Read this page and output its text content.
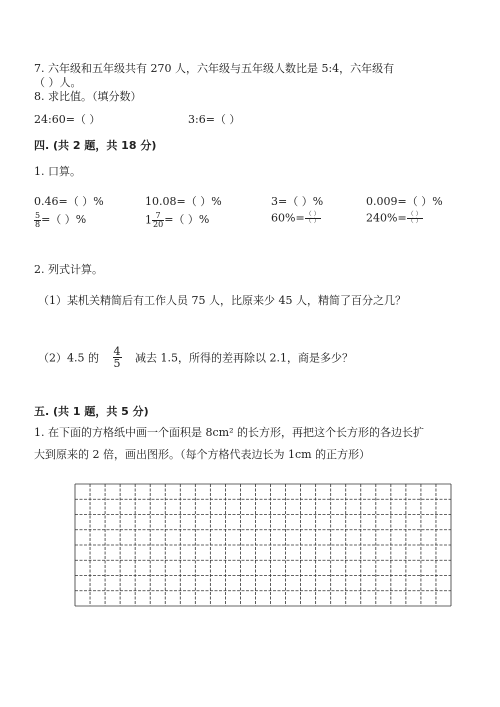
7. 六年级和五年级共有 270 人，六年级与五年级人数比是 5:4，六年级有
（ ）人。
8. 求比值。（填分数）
24:60=（ ）	3:6=（ ）
四. (共 2 题，共 18 分)
1. 口算。
0.46=（ ）%	10.08=（ ）%	3=（ ）%	0.009=（ ）%
$\frac{5}{8}$ =（ ）%	$1 \frac{7}{20}$ =（ ）%	$60\%= \frac{( )}{( )}$	$240\%= \frac{( )}{( )}$
2. 列式计算。
（1）某机关精简后有工作人员 75 人，比原来少 45 人，精简了百分之几？
（2）4.5 的 $\frac{4}{5}$ 减去 1.5，所得的差再除以 2.1，商是多少？
五. (共 1 题，共 5 分)
1. 在下面的方格纸中画一个面积是 8cm² 的长方形，再把这个长方形的各边长扩
大到原来的 2 倍，画出图形。（每个方格代表边长为 1cm 的正方形）
